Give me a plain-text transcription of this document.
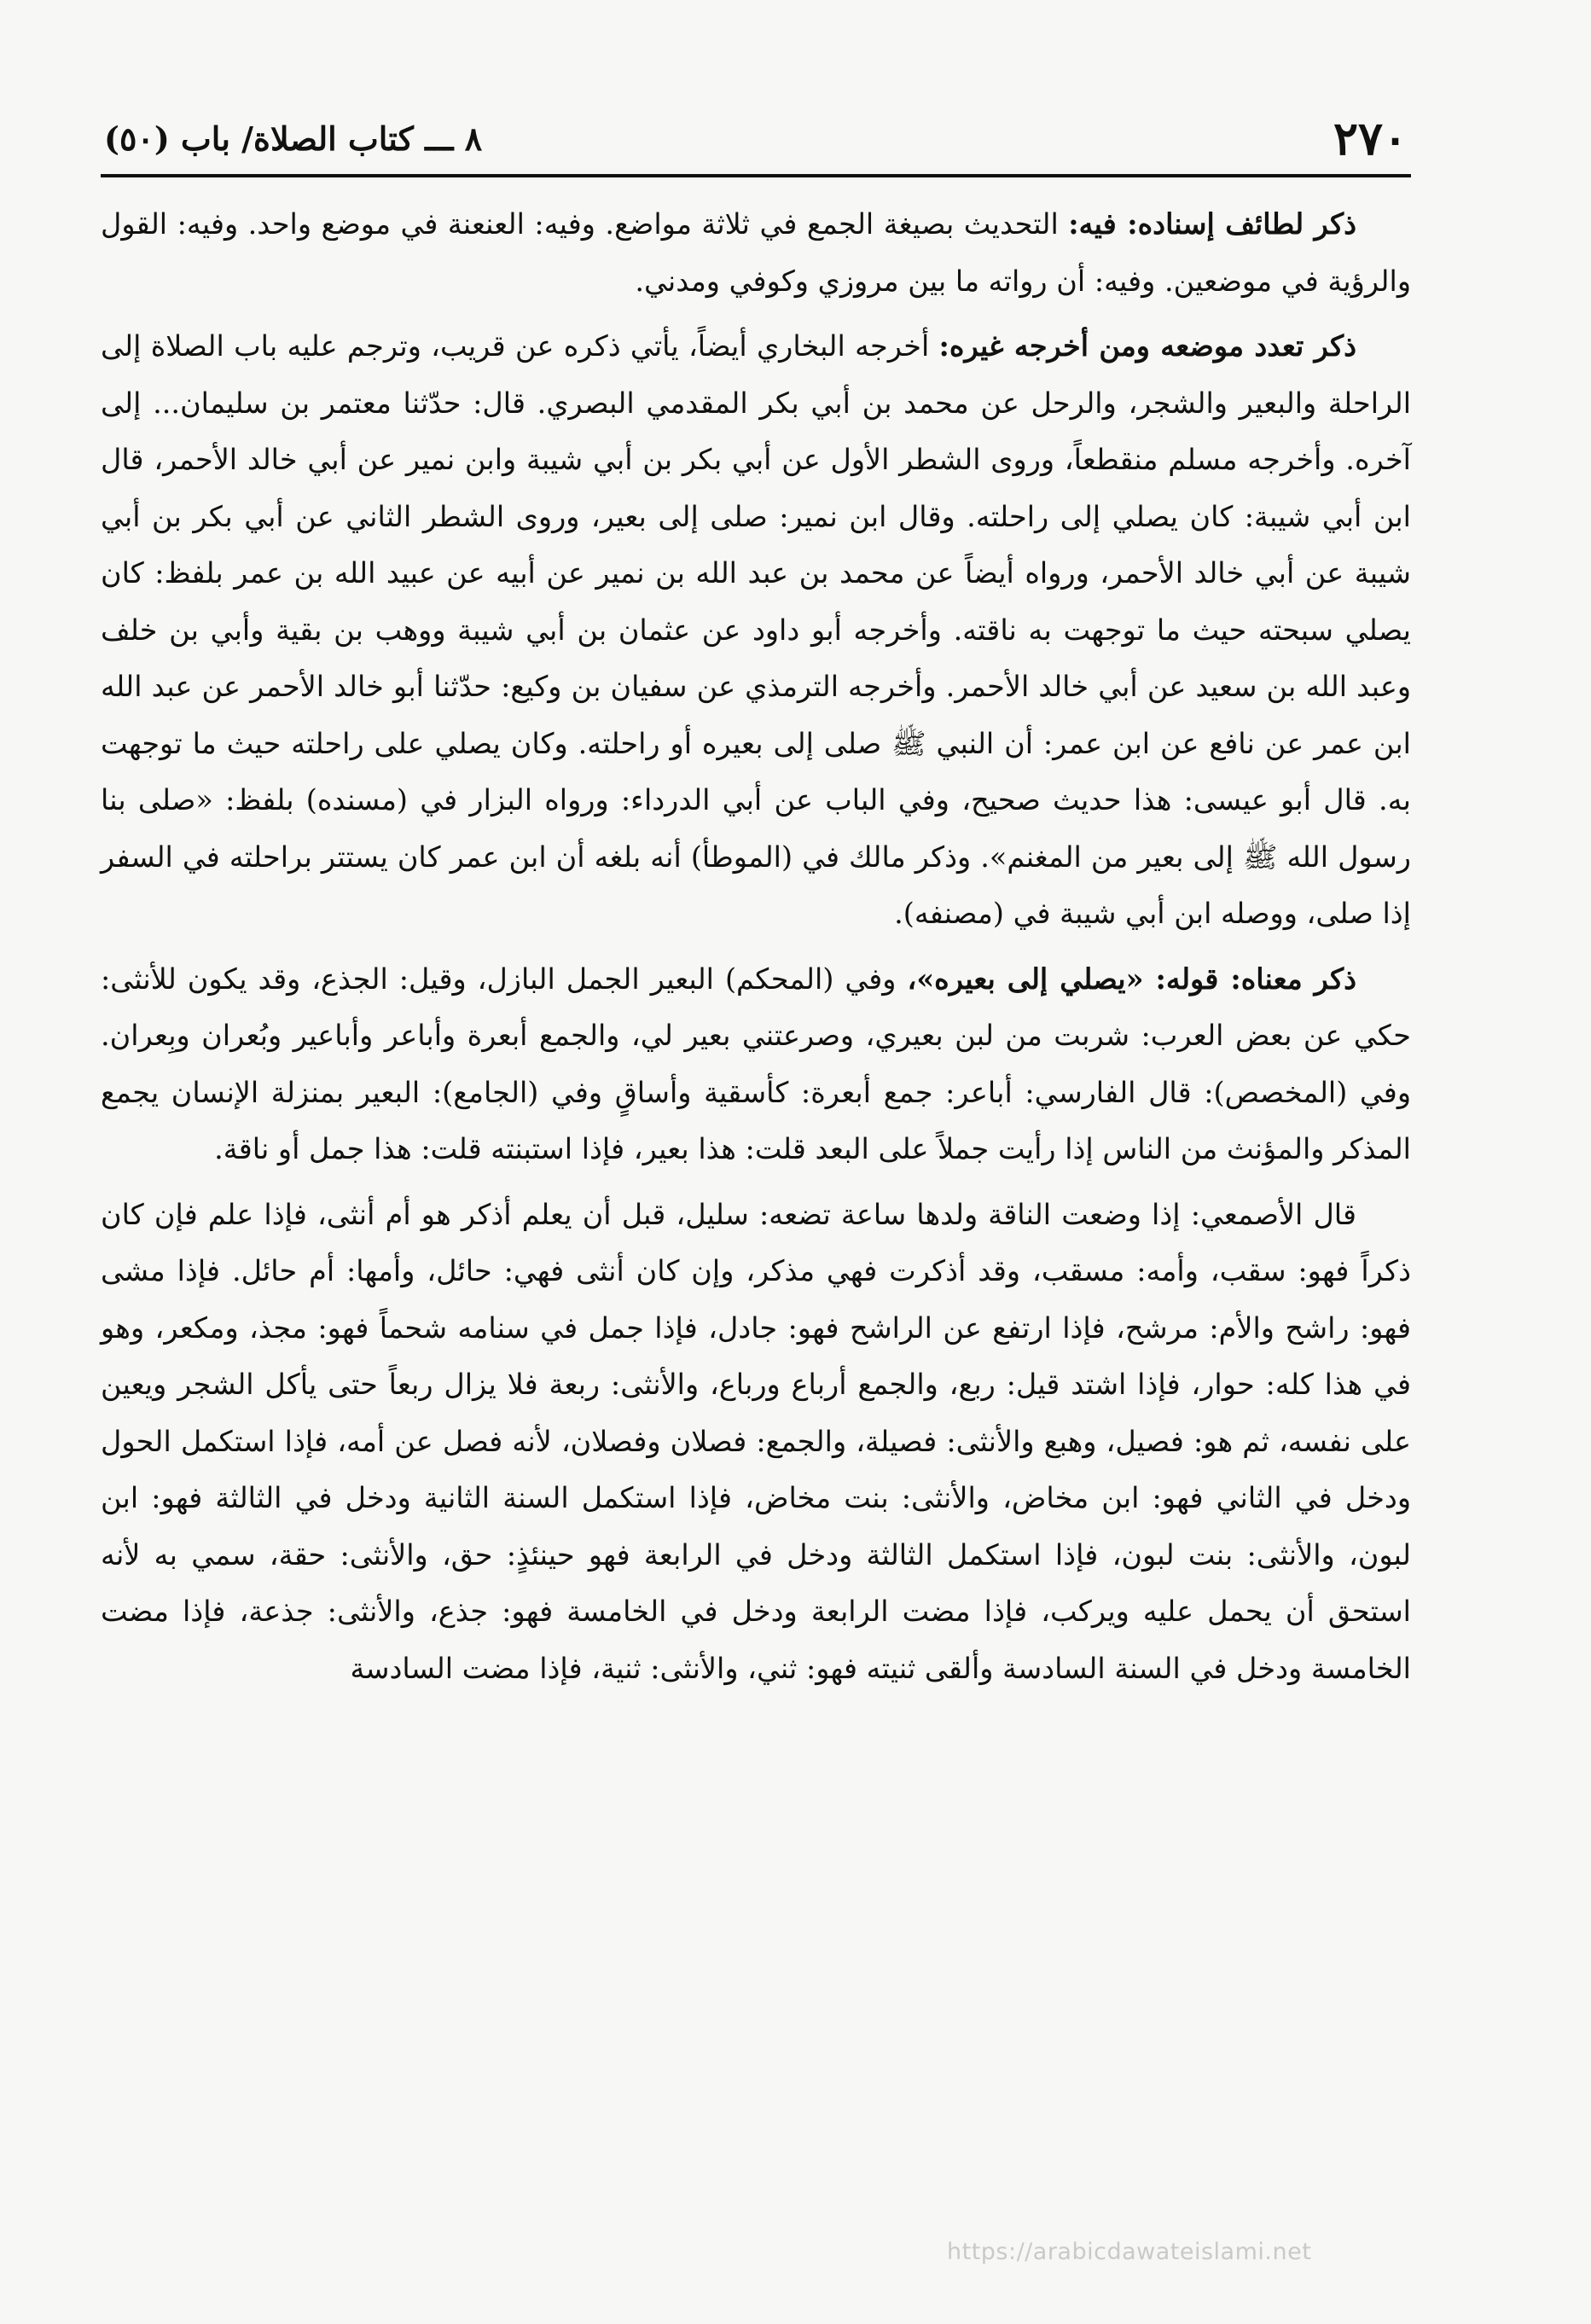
٢٧٠
٨ ـــ كتاب الصلاة/ باب (٥٠)

ذكر لطائف إسناده: فيه: التحديث بصيغة الجمع في ثلاثة مواضع. وفيه: العنعنة في موضع واحد. وفيه: القول والرؤية في موضعين. وفيه: أن رواته ما بين مروزي وكوفي ومدني.

ذكر تعدد موضعه ومن أخرجه غيره: أخرجه البخاري أيضاً، يأتي ذكره عن قريب، وترجم عليه باب الصلاة إلى الراحلة والبعير والشجر، والرحل عن محمد بن أبي بكر المقدمي البصري. قال: حدّثنا معتمر بن سليمان... إلى آخره. وأخرجه مسلم منقطعاً، وروى الشطر الأول عن أبي بكر بن أبي شيبة وابن نمير عن أبي خالد الأحمر، قال ابن أبي شيبة: كان يصلي إلى راحلته. وقال ابن نمير: صلى إلى بعير، وروى الشطر الثاني عن أبي بكر بن أبي شيبة عن أبي خالد الأحمر، ورواه أيضاً عن محمد بن عبد الله بن نمير عن أبيه عن عبيد الله بن عمر بلفظ: كان يصلي سبحته حيث ما توجهت به ناقته. وأخرجه أبو داود عن عثمان بن أبي شيبة ووهب بن بقية وأبي بن خلف وعبد الله بن سعيد عن أبي خالد الأحمر. وأخرجه الترمذي عن سفيان بن وكيع: حدّثنا أبو خالد الأحمر عن عبد الله ابن عمر عن نافع عن ابن عمر: أن النبي ﷺ صلى إلى بعيره أو راحلته. وكان يصلي على راحلته حيث ما توجهت به. قال أبو عيسى: هذا حديث صحيح، وفي الباب عن أبي الدرداء: ورواه البزار في (مسنده) بلفظ: «صلى بنا رسول الله ﷺ إلى بعير من المغنم». وذكر مالك في (الموطأ) أنه بلغه أن ابن عمر كان يستتر براحلته في السفر إذا صلى، ووصله ابن أبي شيبة في (مصنفه).

ذكر معناه: قوله: «يصلي إلى بعيره»، وفي (المحكم) البعير الجمل البازل، وقيل: الجذع، وقد يكون للأنثى: حكي عن بعض العرب: شربت من لبن بعيري، وصرعتني بعير لي، والجمع أبعرة وأباعر وأباعير وبُعران وبِعران. وفي (المخصص): قال الفارسي: أباعر: جمع أبعرة: كأسقية وأساقٍ وفي (الجامع): البعير بمنزلة الإنسان يجمع المذكر والمؤنث من الناس إذا رأيت جملاً على البعد قلت: هذا بعير، فإذا استبنته قلت: هذا جمل أو ناقة.

قال الأصمعي: إذا وضعت الناقة ولدها ساعة تضعه: سليل، قبل أن يعلم أذكر هو أم أنثى، فإذا علم فإن كان ذكراً فهو: سقب، وأمه: مسقب، وقد أذكرت فهي مذكر، وإن كان أنثى فهي: حائل، وأمها: أم حائل. فإذا مشى فهو: راشح والأم: مرشح، فإذا ارتفع عن الراشح فهو: جادل، فإذا جمل في سنامه شحماً فهو: مجذ، ومكعر، وهو في هذا كله: حوار، فإذا اشتد قيل: ربع، والجمع أرباع ورباع، والأنثى: ربعة فلا يزال ربعاً حتى يأكل الشجر ويعين على نفسه، ثم هو: فصيل، وهبع والأنثى: فصيلة، والجمع: فصلان وفصلان، لأنه فصل عن أمه، فإذا استكمل الحول ودخل في الثاني فهو: ابن مخاض، والأنثى: بنت مخاض، فإذا استكمل السنة الثانية ودخل في الثالثة فهو: ابن لبون، والأنثى: بنت لبون، فإذا استكمل الثالثة ودخل في الرابعة فهو حينئذٍ: حق، والأنثى: حقة، سمي به لأنه استحق أن يحمل عليه ويركب، فإذا مضت الرابعة ودخل في الخامسة فهو: جذع، والأنثى: جذعة، فإذا مضت الخامسة ودخل في السنة السادسة وألقى ثنيته فهو: ثني، والأنثى: ثنية، فإذا مضت السادسة

https://arabicdawateislami.net
